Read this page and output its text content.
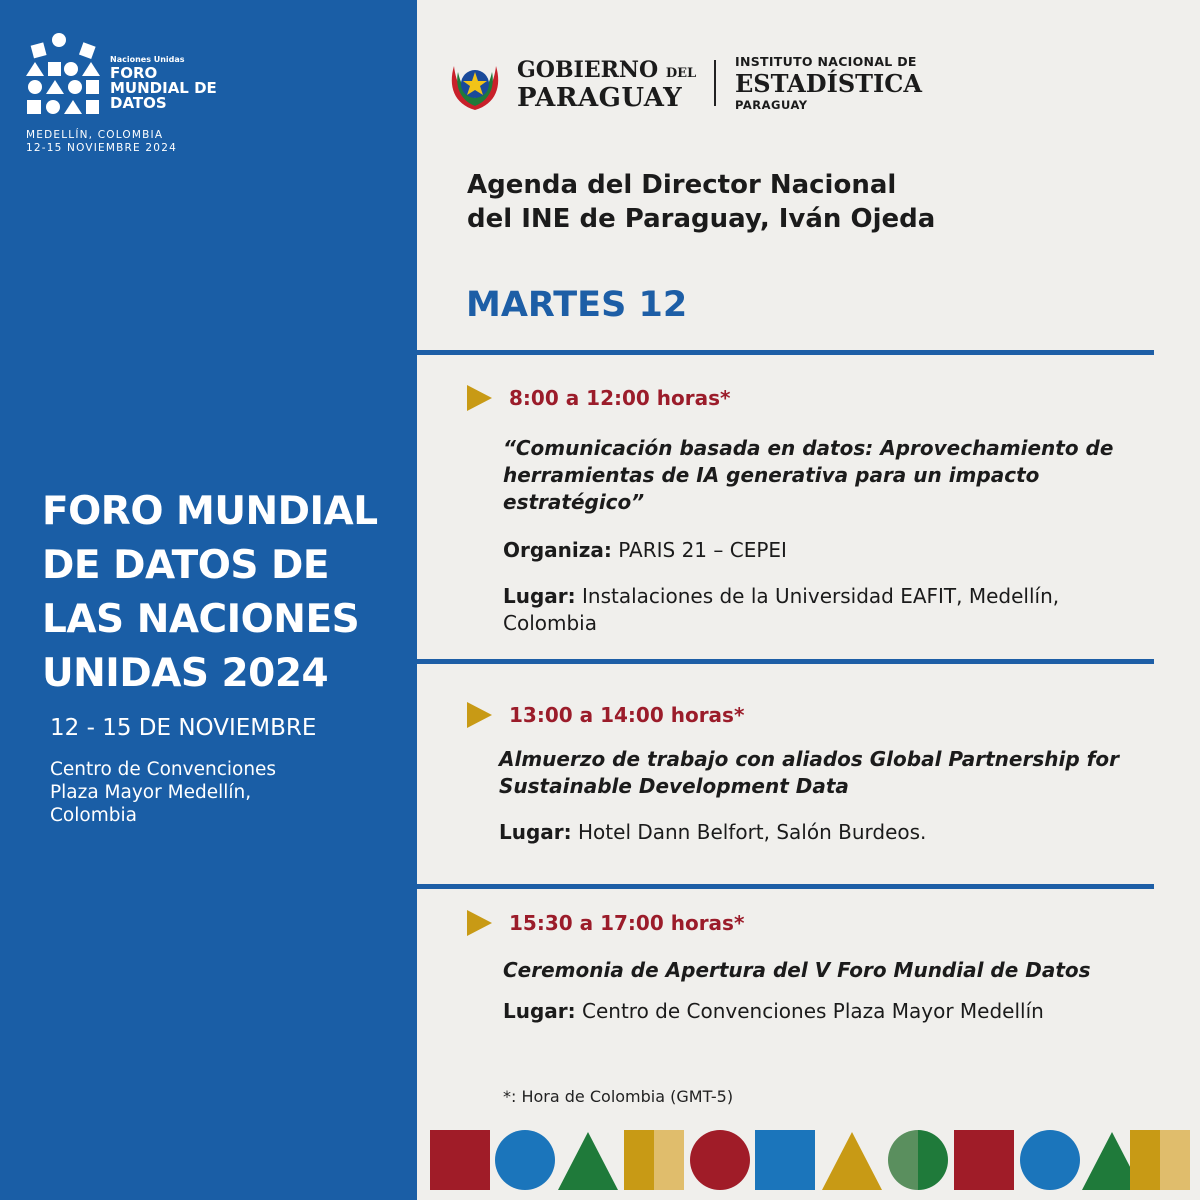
Naciones Unidas
FORO MUNDIAL DE DATOS
MEDELLÍN, COLOMBIA
12-15 NOVIEMBRE 2024
FORO MUNDIAL DE DATOS DE LAS NACIONES UNIDAS 2024
12 - 15 DE NOVIEMBRE
Centro de Convenciones Plaza Mayor Medellín, Colombia
GOBIERNO DEL
PARAGUAY
INSTITUTO NACIONAL DE
ESTADÍSTICA
PARAGUAY
Agenda del Director Nacional
del INE de Paraguay, Iván Ojeda
MARTES 12
8:00 a 12:00 horas*
“Comunicación basada en datos: Aprovechamiento de herramientas de IA generativa para un impacto estratégico”
Organiza: PARIS 21 – CEPEI
Lugar: Instalaciones de la Universidad EAFIT, Medellín, Colombia
13:00 a 14:00 horas*
Almuerzo de trabajo con aliados Global Partnership for Sustainable Development Data
Lugar: Hotel Dann Belfort, Salón Burdeos.
15:30 a 17:00 horas*
Ceremonia de Apertura del V Foro Mundial de Datos
Lugar: Centro de Convenciones Plaza Mayor Medellín
*: Hora de Colombia (GMT-5)
